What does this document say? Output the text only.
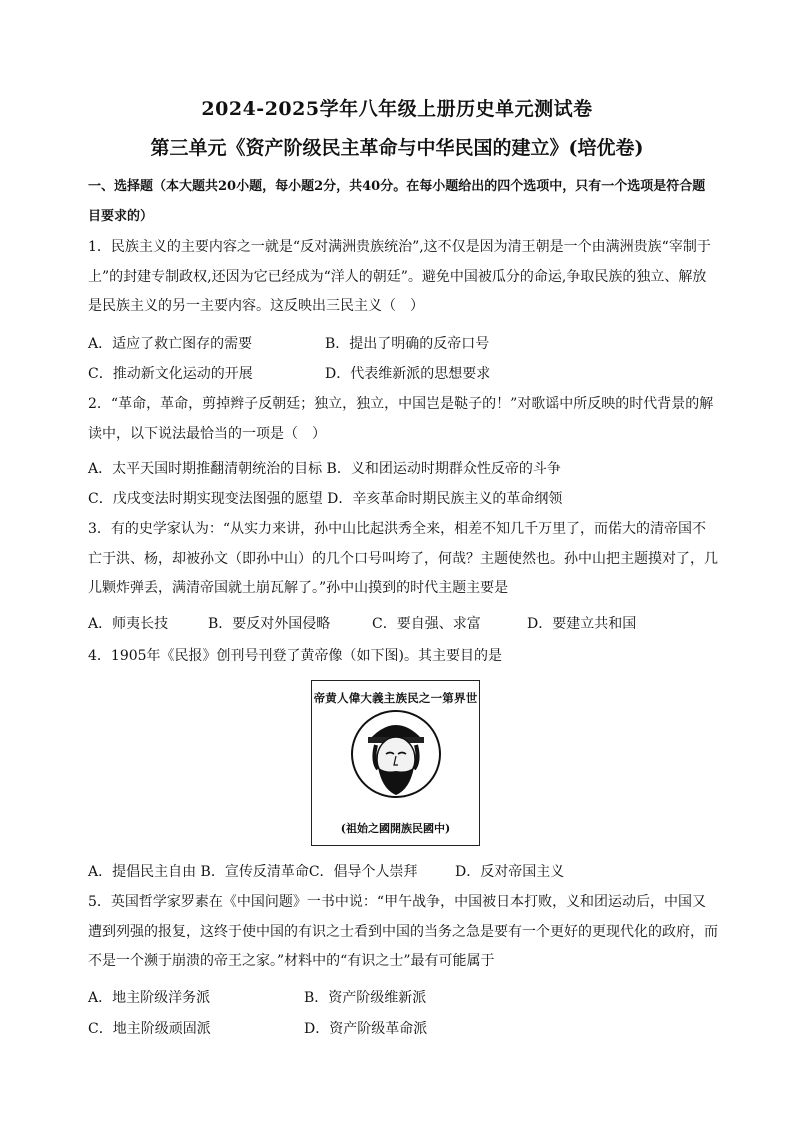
2024-2025学年八年级上册历史单元测试卷
第三单元《资产阶级民主革命与中华民国的建立》(培优卷)
一、选择题（本大题共20小题，每小题2分，共40分。在每小题给出的四个选项中，只有一个选项是符合题目要求的）
1．民族主义的主要内容之一就是“反对满洲贵族统治”,这不仅是因为清王朝是一个由满洲贵族“宰制于上”的封建专制政权,还因为它已经成为“洋人的朝廷”。避免中国被瓜分的命运,争取民族的独立、解放是民族主义的另一主要内容。这反映出三民主义（　）
A．适应了救亡图存的需要	B．提出了明确的反帝口号
C．推动新文化运动的开展	D．代表维新派的思想要求
2．“革命，革命，剪掉辫子反朝廷；独立，独立，中国岂是鞑子的！”对歌谣中所反映的时代背景的解读中，以下说法最恰当的一项是（　）
A．太平天国时期推翻清朝统治的目标 B．义和团运动时期群众性反帝的斗争
C．戊戌变法时期实现变法图强的愿望 D．辛亥革命时期民族主义的革命纲领
3．有的史学家认为：“从实力来讲，孙中山比起洪秀全来，相差不知几千万里了，而偌大的清帝国不亡于洪、杨，却被孙文（即孙中山）的几个口号叫垮了，何哉？主题使然也。孙中山把主题摸对了，几儿颗炸弹丢，满清帝国就土崩瓦解了。”孙中山摸到的时代主题主要是
A．师夷长技	B．要反对外国侵略	C．要自强、求富	D．要建立共和国
4．1905年《民报》创刊号刊登了黄帝像（如下图)。其主要目的是
帝黄人偉大義主族民之一第界世
(祖始之國開族民國中)
A．提倡民主自由 B．宣传反清革命C．倡导个人崇拜	D．反对帝国主义
5．英国哲学家罗素在《中国问题》一书中说：“甲午战争，中国被日本打败，义和团运动后，中国又遭到列强的报复，这终于使中国的有识之士看到中国的当务之急是要有一个更好的更现代化的政府，而不是一个濒于崩溃的帝王之家。”材料中的“有识之士”最有可能属于
A．地主阶级洋务派	B．资产阶级维新派
C．地主阶级顽固派	D．资产阶级革命派
